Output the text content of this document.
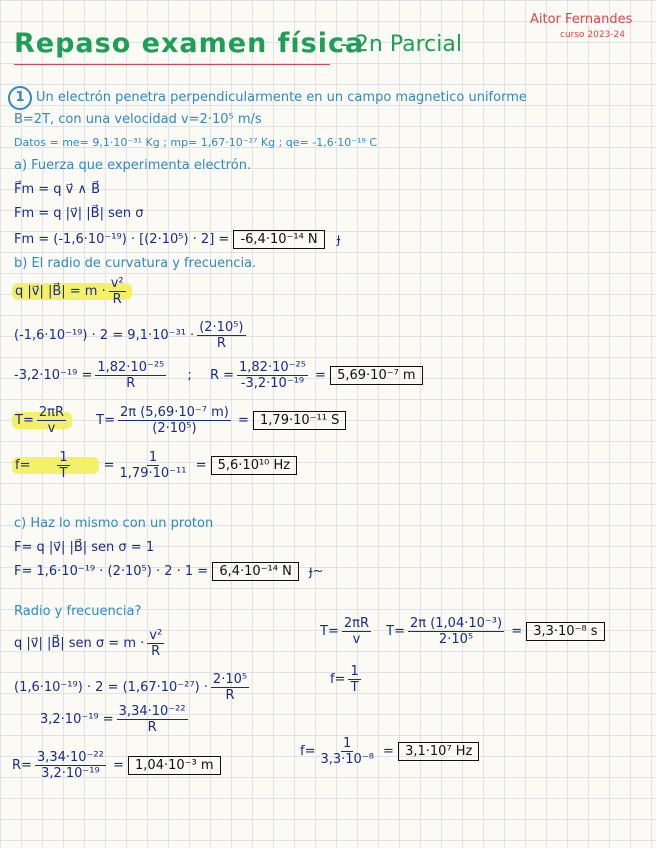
Repaso examen física
- 2n Parcial
Aitor Fernandes
curso 2023-24
1 Un electrón penetra perpendicularmente en un campo magnetico uniforme
B=2T, con una velocidad v=2·10⁵ m/s
Datos = me= 9,1·10⁻³¹ Kg ; mp= 1,67·10⁻²⁷ Kg ; qe= -1,6·10⁻¹⁹ C
a) Fuerza que experimenta electrón.
F⃗m = q v⃗ ∧ B⃗
Fm = q |v⃗| |B⃗| sen σ
Fm = (-1,6·10⁻¹⁹) · [(2·10⁵) · 2] = -6,4·10⁻¹⁴ N ɟ
b) El radio de curvatura y frecuencia.
q |v⃗| |B⃗| = $m \cdot \frac{\text{v²}}{R}$
$(-1,6\cdot 10^{-19}) \cdot 2 = 9,1\cdot 10^{-31} \cdot \frac{\text{(2·10⁵)}}{R}$
$-3,2\cdot 10^{-19} = \frac{\text{1,82·10⁻²⁵}}{R}$ ; $R = \frac{\text{1,82·10⁻²⁵}}{\text{-3,2·10⁻¹⁹}} = 5,69\cdot 10^{-7}$ m
$T= \frac{2\pi R}{v} T= \frac{\text{2π (5,69·10⁻⁷ m)}}{\text{(2·10⁵)}} = 1,79\cdot 10^{-11}$ S
$f= \frac{1}{T} = \frac{1}{\text{1,79·10⁻¹¹}} = 5,6\cdot 10^{10}$ Hz
c) Haz lo mismo con un proton
F= q |v⃗| |B⃗| sen σ = 1
F= 1,6·10⁻¹⁹ · (2·10⁵) · 2 · 1 = 6,4·10⁻¹⁴ N ɟ~
Radio y frecuencia?
q |v⃗| |B⃗| sen $\sigma = m \cdot \frac{\text{v²}}{R}$	$T= \frac{2\pi R}{v} T= \frac{\text{2π (1,04·10⁻³)}}{\text{2·10⁵}} = 3,3\cdot 10^{-8}$ s
$(1,6\cdot 10^{-19}) \cdot 2 = (1,67\cdot 10^{-27}) \cdot \frac{\text{2·10⁵}}{R}$	$f= \frac{1}{T}$
$3,2\cdot 10^{-19} = \frac{\text{3,34·10⁻²²}}{R}$
$R= \frac{\text{3,34·10⁻²²}}{\text{3,2·10⁻¹⁹}} = 1,04\cdot 10^{-3}$ m
$f= \frac{1}{\text{3,3·10⁻⁸}} = 3,1\cdot 10^7$ Hz
